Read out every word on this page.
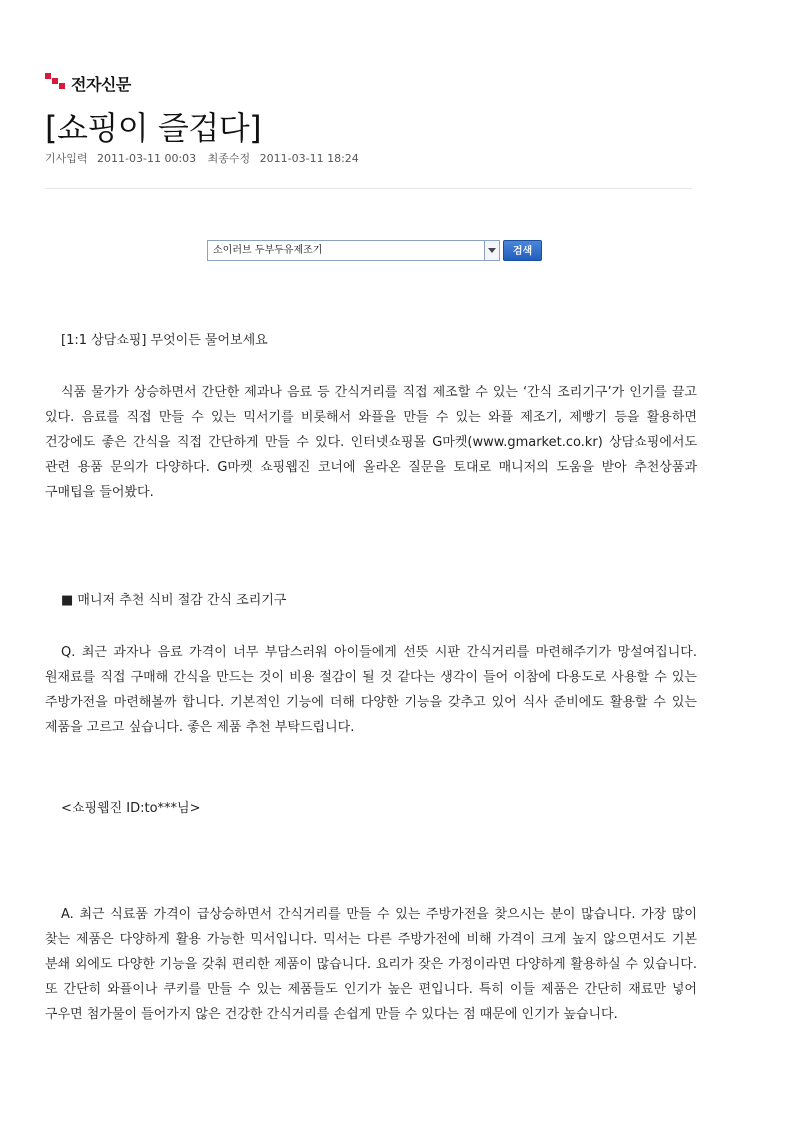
전자신문
[쇼핑이 즐겁다]
기사입력 2011-03-11 00:03 최종수정 2011-03-11 18:24
소이러브 두부두유제조기	검색

[1:1 상담쇼핑] 무엇이든 물어보세요

식품 물가가 상승하면서 간단한 제과나 음료 등 간식거리를 직접 제조할 수 있는 ‘간식 조리기구’가 인기를 끌고 있다. 음료를 직접 만들 수 있는 믹서기를 비롯해서 와플을 만들 수 있는 와플 제조기, 제빵기 등을 활용하면 건강에도 좋은 간식을 직접 간단하게 만들 수 있다. 인터넷쇼핑몰 G마켓(www.gmarket.co.kr) 상담쇼핑에서도 관련 용품 문의가 다양하다. G마켓 쇼핑웹진 코너에 올라온 질문을 토대로 매니저의 도움을 받아 추천상품과 구매팁을 들어봤다.

■ 매니저 추천 식비 절감 간식 조리기구

Q. 최근 과자나 음료 가격이 너무 부담스러워 아이들에게 선뜻 시판 간식거리를 마련해주기가 망설여집니다. 원재료를 직접 구매해 간식을 만드는 것이 비용 절감이 될 것 같다는 생각이 들어 이참에 다용도로 사용할 수 있는 주방가전을 마련해볼까 합니다. 기본적인 기능에 더해 다양한 기능을 갖추고 있어 식사 준비에도 활용할 수 있는 제품을 고르고 싶습니다. 좋은 제품 추천 부탁드립니다.

<쇼핑웹진 ID:to***님>

A. 최근 식료품 가격이 급상승하면서 간식거리를 만들 수 있는 주방가전을 찾으시는 분이 많습니다. 가장 많이 찾는 제품은 다양하게 활용 가능한 믹서입니다. 믹서는 다른 주방가전에 비해 가격이 크게 높지 않으면서도 기본 분쇄 외에도 다양한 기능을 갖춰 편리한 제품이 많습니다. 요리가 잦은 가정이라면 다양하게 활용하실 수 있습니다. 또 간단히 와플이나 쿠키를 만들 수 있는 제품들도 인기가 높은 편입니다. 특히 이들 제품은 간단히 재료만 넣어 구우면 첨가물이 들어가지 않은 건강한 간식거리를 손쉽게 만들 수 있다는 점 때문에 인기가 높습니다.
